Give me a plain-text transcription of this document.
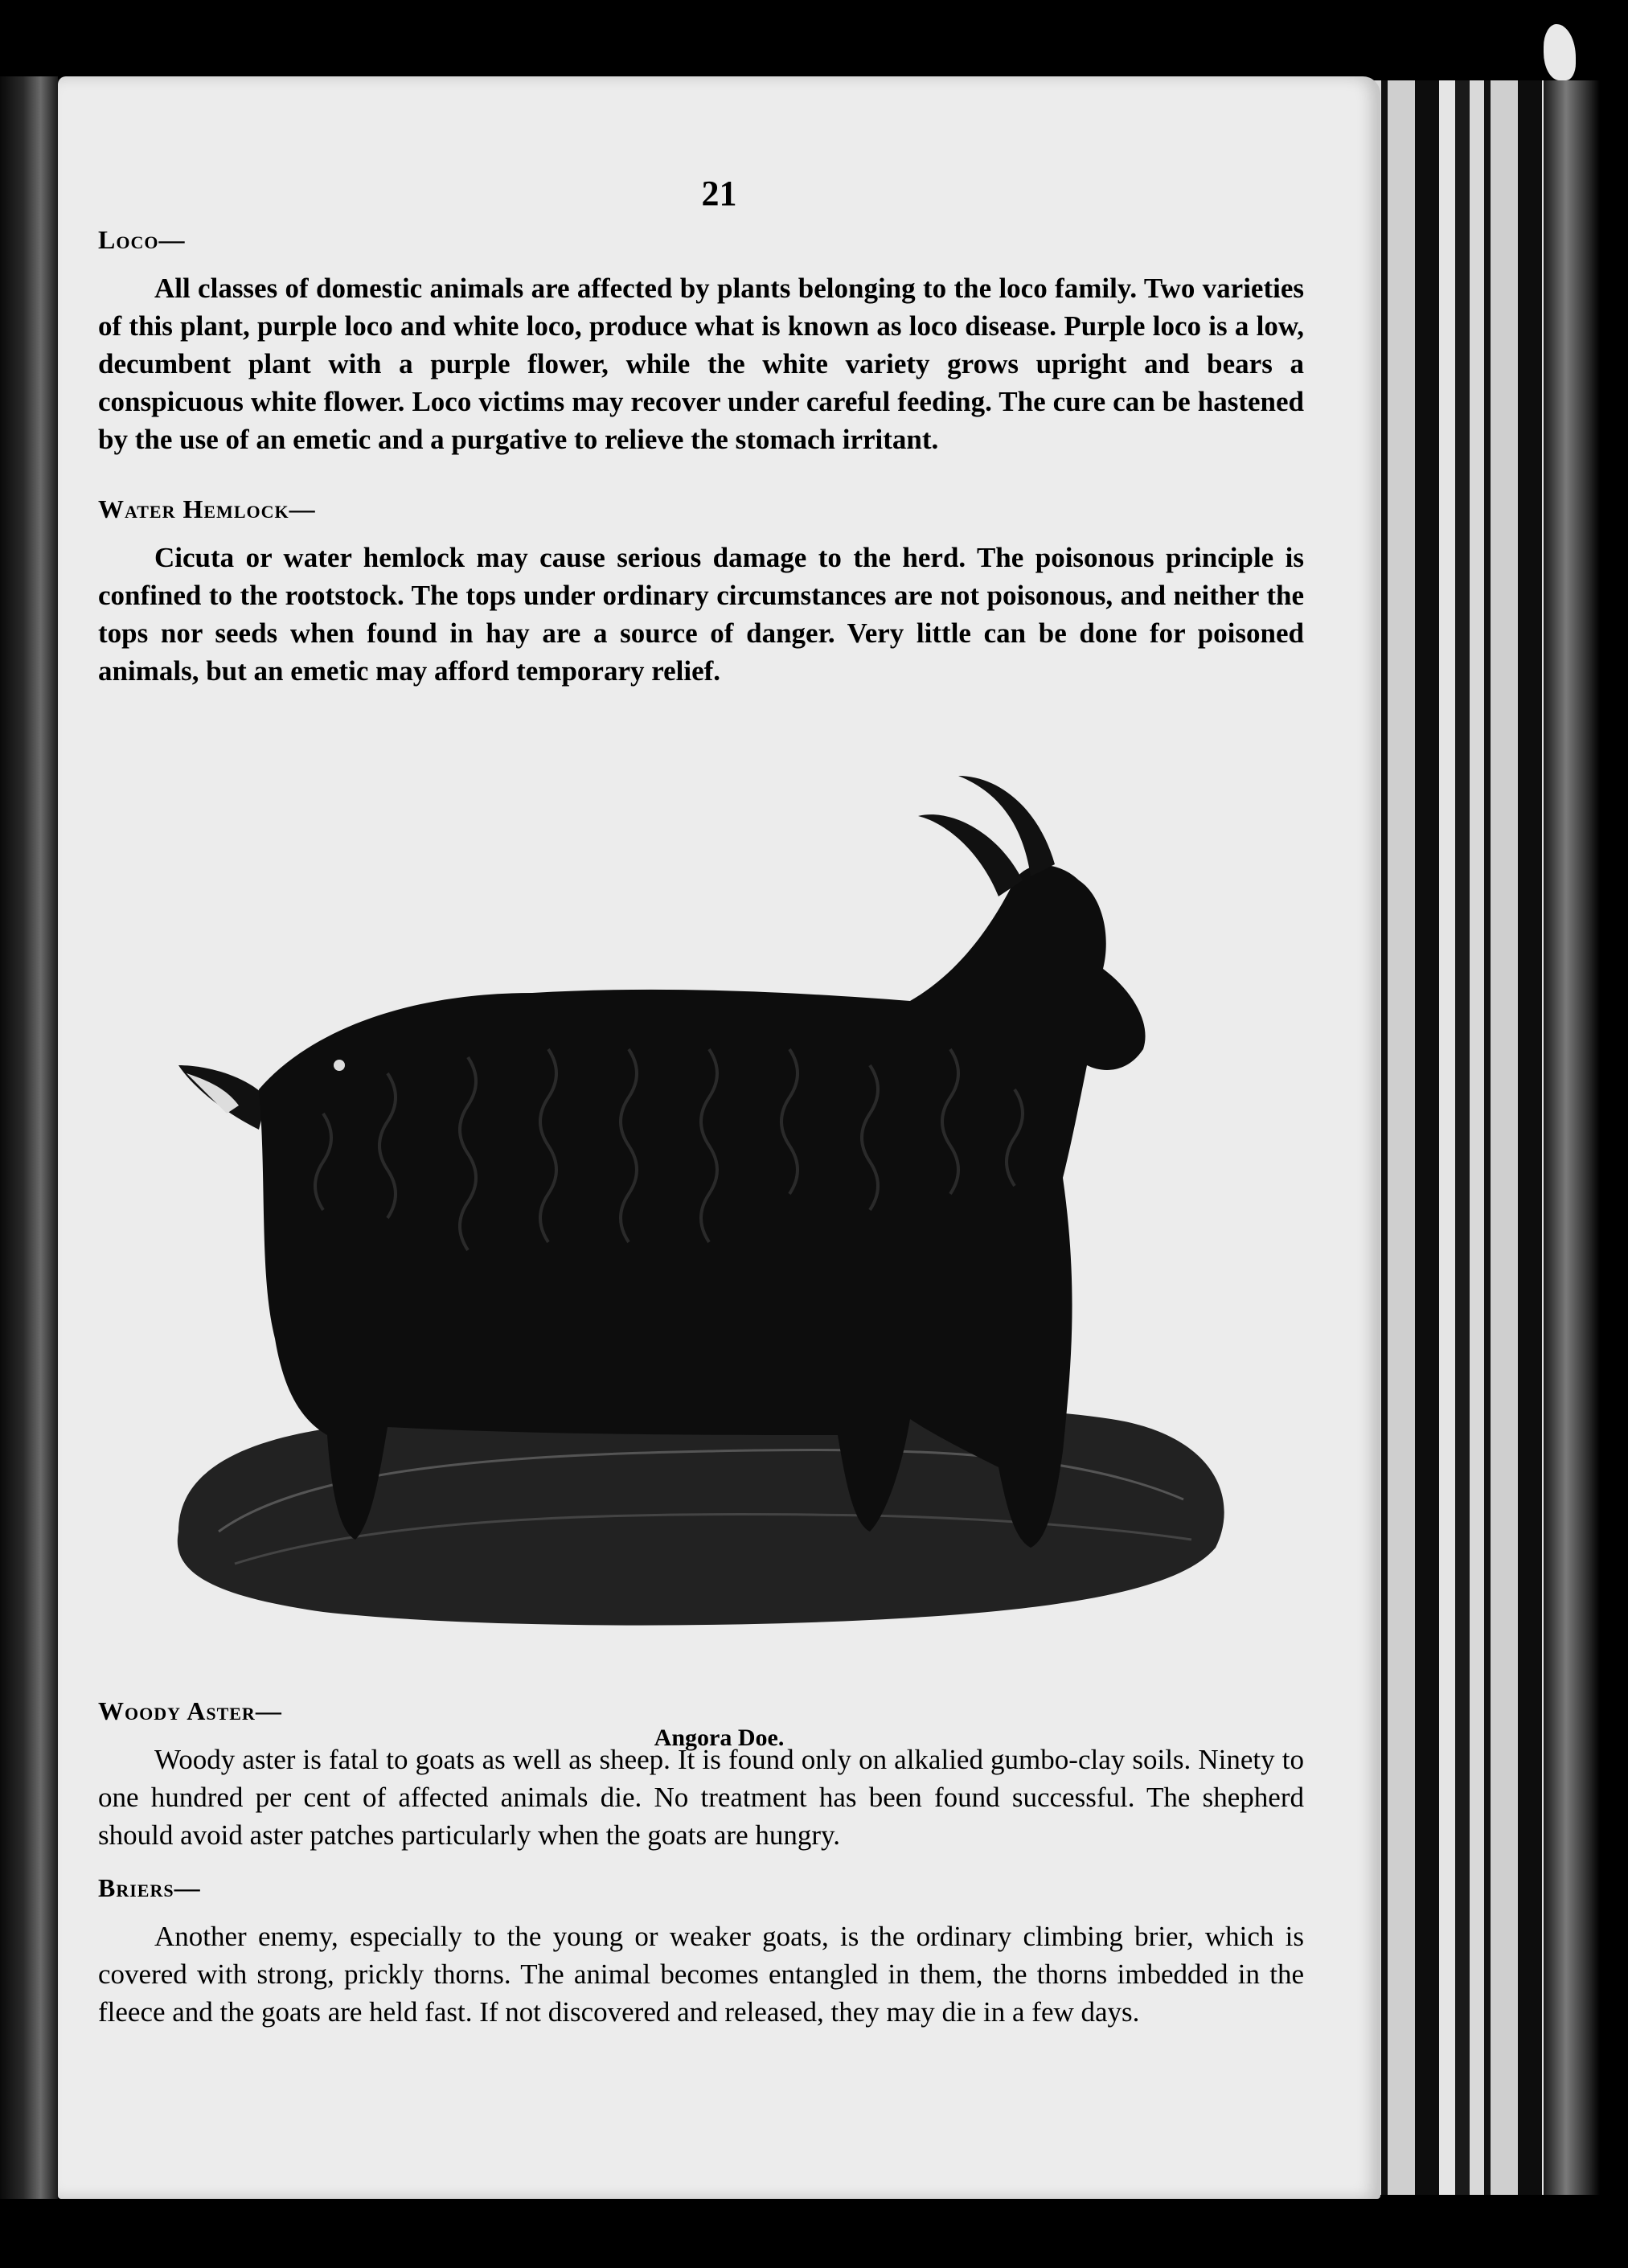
21
Loco—

All classes of domestic animals are affected by plants belonging to the loco family. Two varieties of this plant, purple loco and white loco, produce what is known as loco disease. Purple loco is a low, decumbent plant with a purple flower, while the white variety grows upright and bears a conspicuous white flower. Loco victims may recover under careful feeding. The cure can be hastened by the use of an emetic and a purgative to relieve the stomach irritant.

Water Hemlock—

Cicuta or water hemlock may cause serious damage to the herd. The poisonous principle is confined to the rootstock. The tops under ordinary circumstances are not poisonous, and neither the tops nor seeds when found in hay are a source of danger. Very little can be done for poisoned animals, but an emetic may afford temporary relief.

Angora Doe.
Woody Aster—

Woody aster is fatal to goats as well as sheep. It is found only on alkalied gumbo-clay soils. Ninety to one hundred per cent of affected animals die. No treatment has been found successful. The shepherd should avoid aster patches particularly when the goats are hungry.

Briers—

Another enemy, especially to the young or weaker goats, is the ordinary climbing brier, which is covered with strong, prickly thorns. The animal becomes entangled in them, the thorns imbedded in the fleece and the goats are held fast. If not discovered and released, they may die in a few days.
